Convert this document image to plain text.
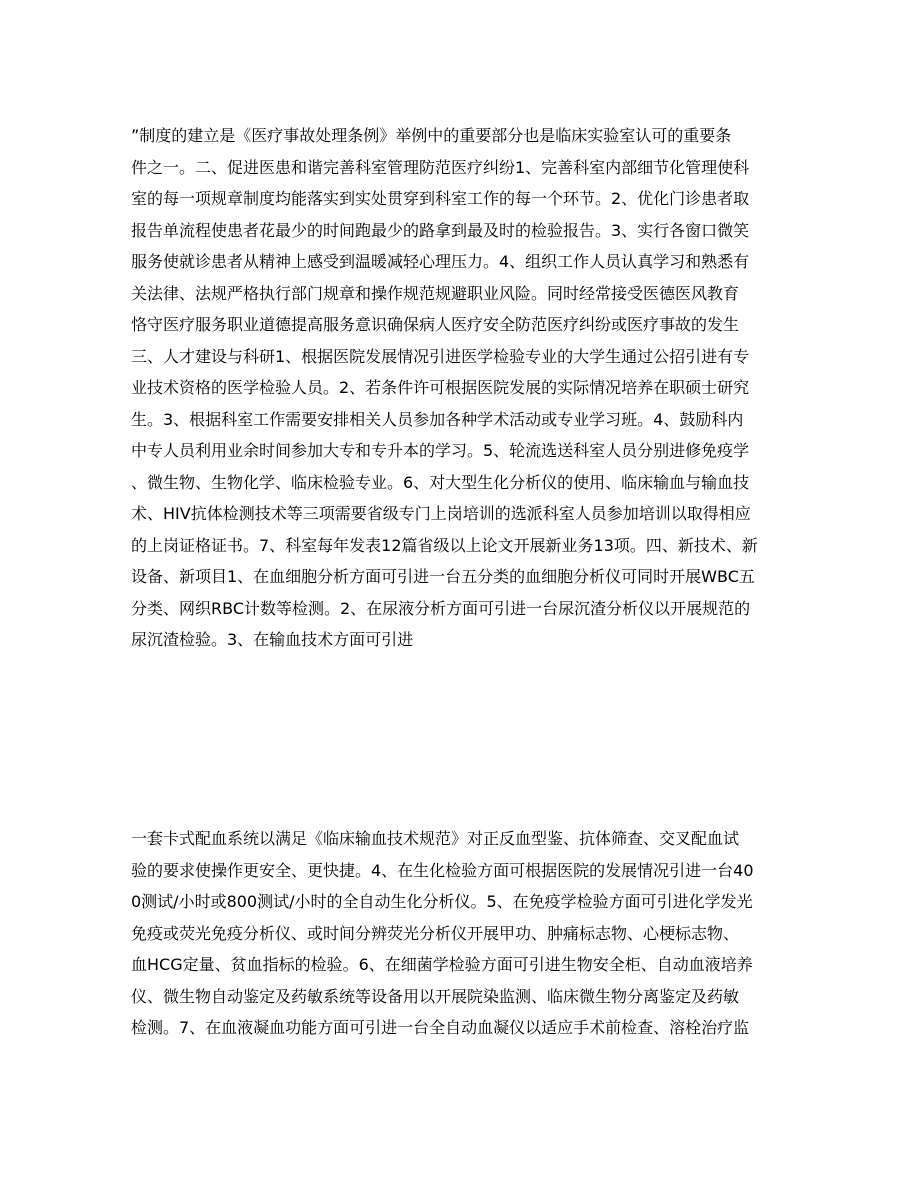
”制度的建立是《医疗事故处理条例》举例中的重要部分也是临床实验室认可的重要条
件之一。二、促进医患和谐完善科室管理防范医疗纠纷1、完善科室内部细节化管理使科
室的每一项规章制度均能落实到实处贯穿到科室工作的每一个环节。2、优化门诊患者取
报告单流程使患者花最少的时间跑最少的路拿到最及时的检验报告。3、实行各窗口微笑
服务使就诊患者从精神上感受到温暖减轻心理压力。4、组织工作人员认真学习和熟悉有
关法律、法规严格执行部门规章和操作规范规避职业风险。同时经常接受医德医风教育
恪守医疗服务职业道德提高服务意识确保病人医疗安全防范医疗纠纷或医疗事故的发生
三、人才建设与科研1、根据医院发展情况引进医学检验专业的大学生通过公招引进有专
业技术资格的医学检验人员。2、若条件许可根据医院发展的实际情况培养在职硕士研究
生。3、根据科室工作需要安排相关人员参加各种学术活动或专业学习班。4、鼓励科内
中专人员利用业余时间参加大专和专升本的学习。5、轮流选送科室人员分别进修免疫学
、微生物、生物化学、临床检验专业。6、对大型生化分析仪的使用、临床输血与输血技
术、HIV抗体检测技术等三项需要省级专门上岗培训的选派科室人员参加培训以取得相应
的上岗证格证书。7、科室每年发表12篇省级以上论文开展新业务13项。四、新技术、新
设备、新项目1、在血细胞分析方面可引进一台五分类的血细胞分析仪可同时开展WBC五
分类、网织RBC计数等检测。2、在尿液分析方面可引进一台尿沉渣分析仪以开展规范的
尿沉渣检验。3、在输血技术方面可引进
一套卡式配血系统以满足《临床输血技术规范》对正反血型鉴、抗体筛查、交叉配血试
验的要求使操作更安全、更快捷。4、在生化检验方面可根据医院的发展情况引进一台40
0测试/小时或800测试/小时的全自动生化分析仪。5、在免疫学检验方面可引进化学发光
免疫或荧光免疫分析仪、或时间分辨荧光分析仪开展甲功、肿痛标志物、心梗标志物、
血HCG定量、贫血指标的检验。6、在细菌学检验方面可引进生物安全柜、自动血液培养
仪、微生物自动鉴定及药敏系统等设备用以开展院染监测、临床微生物分离鉴定及药敏
检测。7、在血液凝血功能方面可引进一台全自动血凝仪以适应手术前检查、溶栓治疗监
